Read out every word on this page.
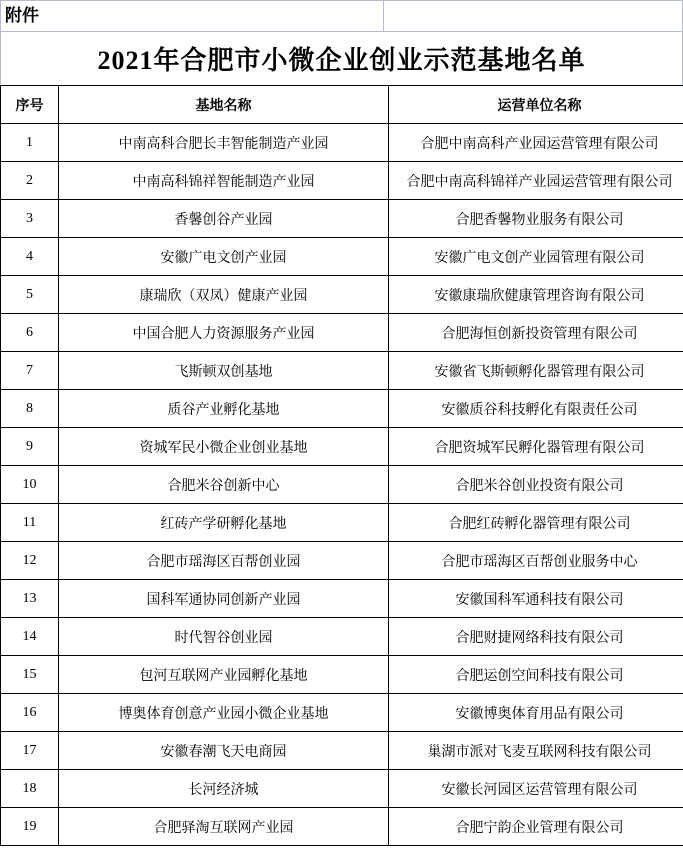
附件
2021年合肥市小微企业创业示范基地名单
序号	基地名称	运营单位名称
1	中南高科合肥长丰智能制造产业园	合肥中南高科产业园运营管理有限公司
2	中南高科锦祥智能制造产业园	合肥中南高科锦祥产业园运营管理有限公司
3	香馨创谷产业园	合肥香馨物业服务有限公司
4	安徽广电文创产业园	安徽广电文创产业园管理有限公司
5	康瑞欣（双凤）健康产业园	安徽康瑞欣健康管理咨询有限公司
6	中国合肥人力资源服务产业园	合肥海恒创新投资管理有限公司
7	飞斯顿双创基地	安徽省飞斯顿孵化器管理有限公司
8	质谷产业孵化基地	安徽质谷科技孵化有限责任公司
9	资城军民小微企业创业基地	合肥资城军民孵化器管理有限公司
10	合肥米谷创新中心	合肥米谷创业投资有限公司
11	红砖产学研孵化基地	合肥红砖孵化器管理有限公司
12	合肥市瑶海区百帮创业园	合肥市瑶海区百帮创业服务中心
13	国科军通协同创新产业园	安徽国科军通科技有限公司
14	时代智谷创业园	合肥财捷网络科技有限公司
15	包河互联网产业园孵化基地	合肥运创空间科技有限公司
16	博奥体育创意产业园小微企业基地	安徽博奥体育用品有限公司
17	安徽春潮飞天电商园	巢湖市派对飞麦互联网科技有限公司
18	长河经济城	安徽长河园区运营管理有限公司
19	合肥驿淘互联网产业园	合肥宁韵企业管理有限公司
